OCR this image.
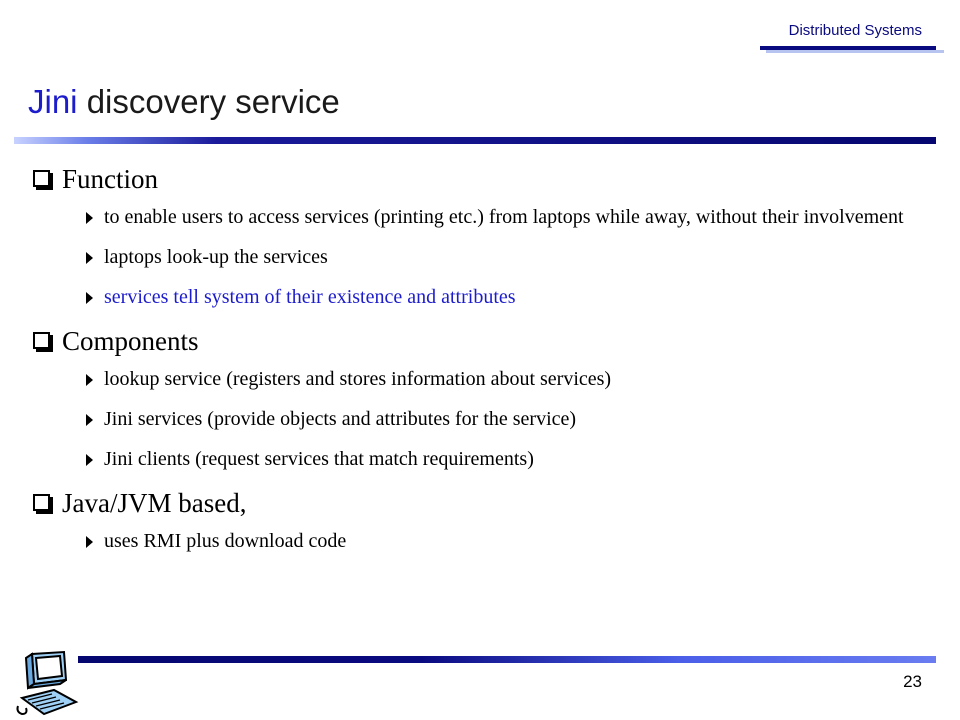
Distributed Systems
Jini discovery service
Function
to enable users to access services (printing etc.) from laptops while away, without their involvement
laptops look-up the services
services tell system of their existence and attributes
Components
lookup service (registers and stores information about services)
Jini services (provide objects and attributes for the service)
Jini clients (request services that match requirements)
Java/JVM based,
uses RMI plus download code
23
